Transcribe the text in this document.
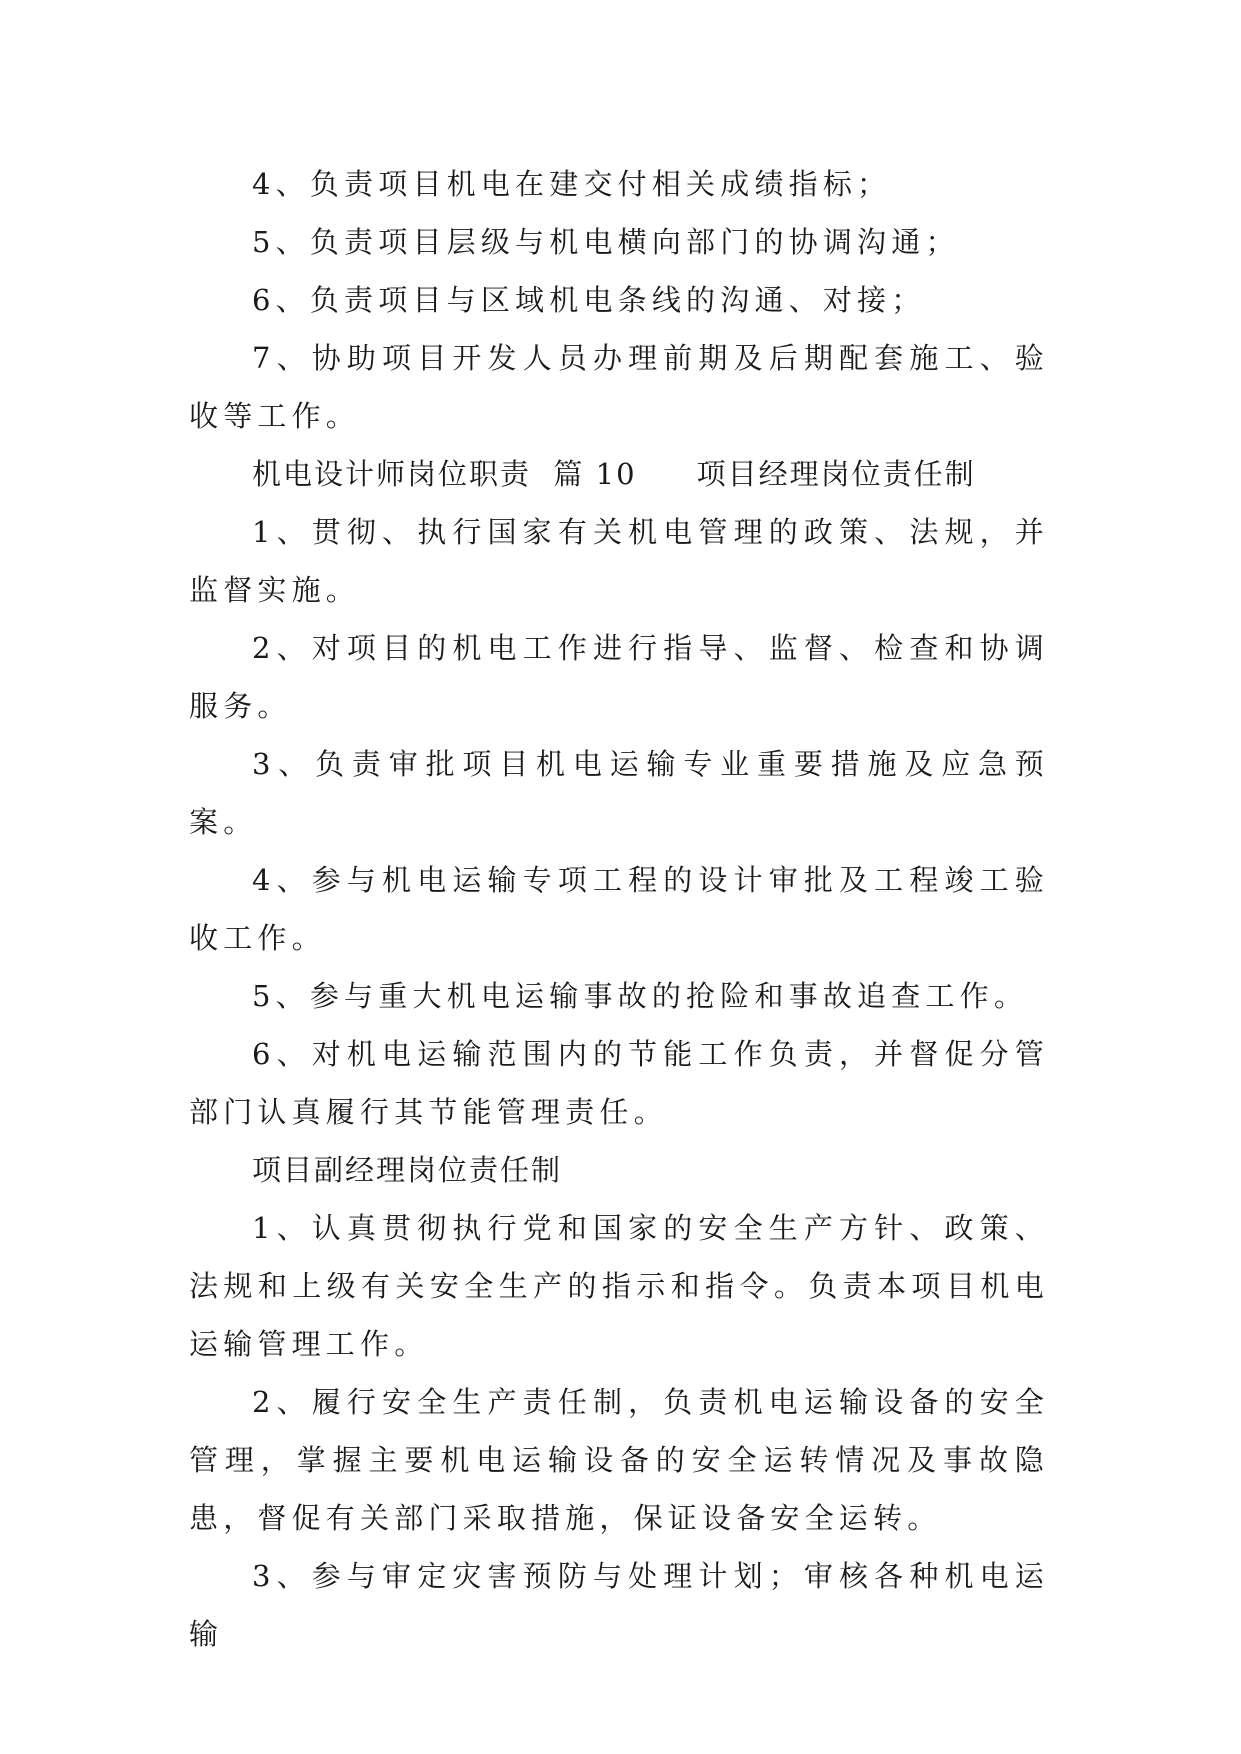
4、负责项目机电在建交付相关成绩指标；

5、负责项目层级与机电横向部门的协调沟通；

6、负责项目与区域机电条线的沟通、对接；

7、协助项目开发人员办理前期及后期配套施工、验收等工作。

机电设计师岗位职责  篇 10 项目经理岗位责任制

1、贯彻、执行国家有关机电管理的政策、法规，并监督实施。

2、对项目的机电工作进行指导、监督、检查和协调服务。

3、负责审批项目机电运输专业重要措施及应急预案。

4、参与机电运输专项工程的设计审批及工程竣工验收工作。

5、参与重大机电运输事故的抢险和事故追查工作。

6、对机电运输范围内的节能工作负责，并督促分管部门认真履行其节能管理责任。

项目副经理岗位责任制

1、认真贯彻执行党和国家的安全生产方针、政策、法规和上级有关安全生产的指示和指令。负责本项目机电运输管理工作。

2、履行安全生产责任制，负责机电运输设备的安全管理，掌握主要机电运输设备的安全运转情况及事故隐患，督促有关部门采取措施，保证设备安全运转。

3、参与审定灾害预防与处理计划；审核各种机电运输
